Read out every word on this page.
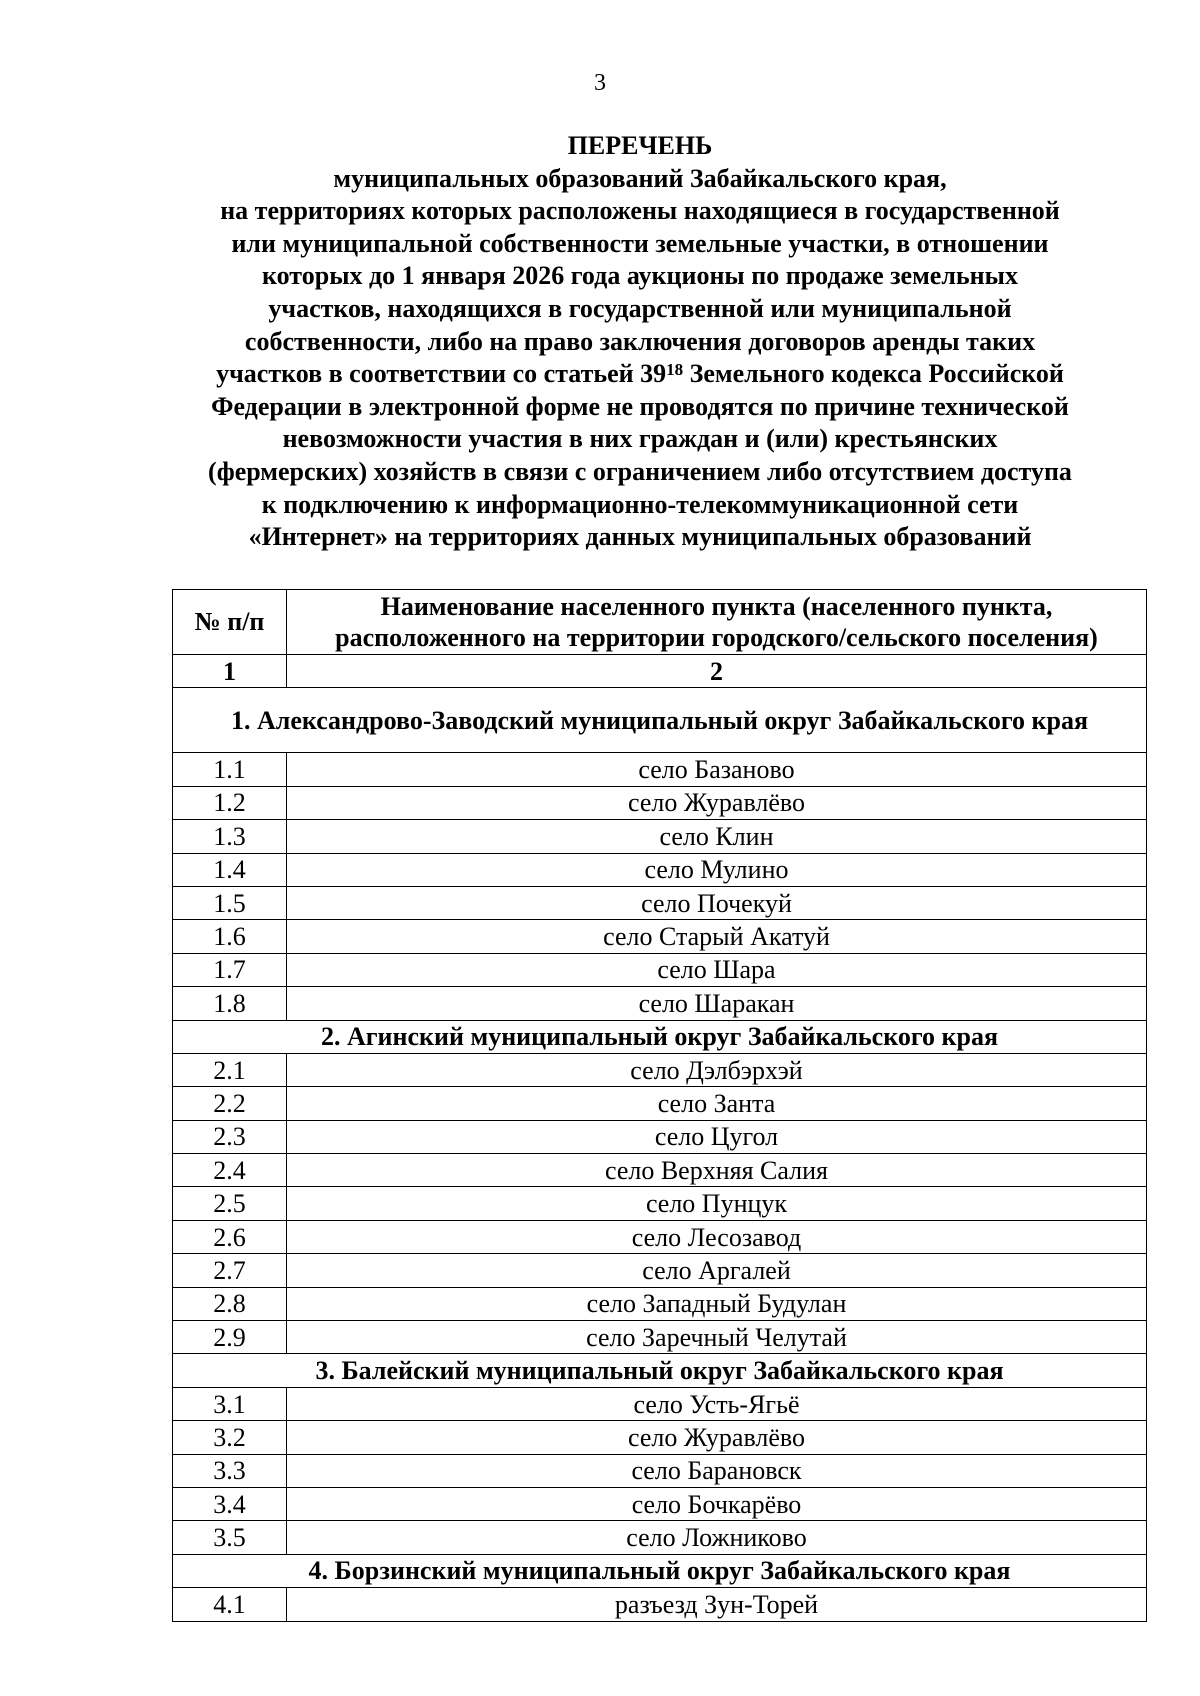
3
ПЕРЕЧЕНЬ
муниципальных образований Забайкальского края,
на территориях которых расположены находящиеся в государственной
или муниципальной собственности земельные участки, в отношении
которых до 1 января 2026 года аукционы по продаже земельных
участков, находящихся в государственной или муниципальной
собственности, либо на право заключения договоров аренды таких
участков в соответствии со статьей $39^{18}$ Земельного кодекса Российской
Федерации в электронной форме не проводятся по причине технической
невозможности участия в них граждан и (или) крестьянских
(фермерских) хозяйств в связи с ограничением либо отсутствием доступа
к подключению к информационно-телекоммуникационной сети
«Интернет» на территориях данных муниципальных образований
№ п/п	Наименование населенного пункта (населенного пункта, расположенного на территории городского/сельского поселения)
1	2
1. Александрово-Заводский муниципальный округ Забайкальского края	
1.1	село Базаново
1.2	село Журавлёво
1.3	село Клин
1.4	село Мулино
1.5	село Почекуй
1.6	село Старый Акатуй
1.7	село Шара
1.8	село Шаракан
2. Агинский муниципальный округ Забайкальского края	
2.1	село Дэлбэрхэй
2.2	село Занта
2.3	село Цугол
2.4	село Верхняя Салия
2.5	село Пунцук
2.6	село Лесозавод
2.7	село Аргалей
2.8	село Западный Будулан
2.9	село Заречный Челутай
3. Балейский муниципальный округ Забайкальского края	
3.1	село Усть-Ягьё
3.2	село Журавлёво
3.3	село Барановск
3.4	село Бочкарёво
3.5	село Ложниково
4. Борзинский муниципальный округ Забайкальского края	
4.1	разъезд Зун-Торей
